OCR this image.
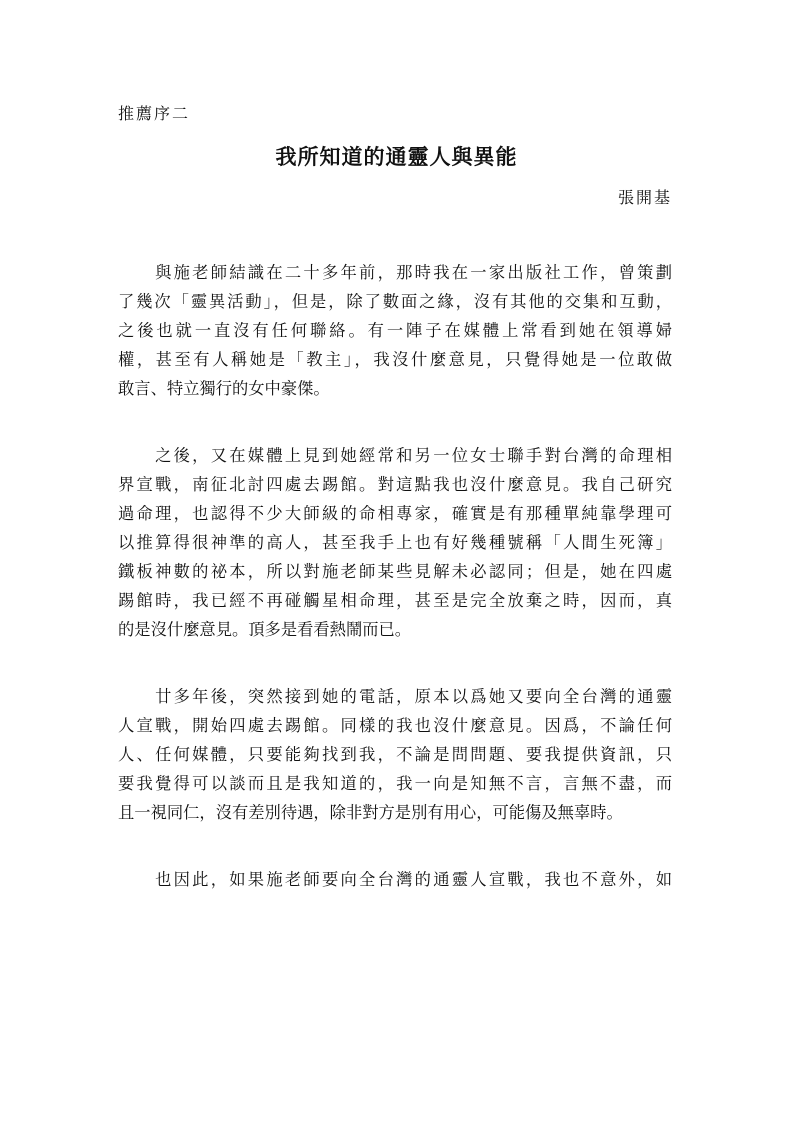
推薦序二
我所知道的通靈人與異能
張開基
　　與施老師結識在二十多年前，那時我在一家出版社工作，曾策劃
了幾次「靈異活動」，但是，除了數面之緣，沒有其他的交集和互動，
之後也就一直沒有任何聯絡。有一陣子在媒體上常看到她在領導婦
權，甚至有人稱她是「教主」，我沒什麼意見，只覺得她是一位敢做
敢言、特立獨行的女中豪傑。
　　之後，又在媒體上見到她經常和另一位女士聯手對台灣的命理相
界宣戰，南征北討四處去踢館。對這點我也沒什麼意見。我自己研究
過命理，也認得不少大師級的命相專家，確實是有那種單純靠學理可
以推算得很神準的高人，甚至我手上也有好幾種號稱「人間生死簿」
鐵板神數的祕本，所以對施老師某些見解未必認同；但是，她在四處
踢館時，我已經不再碰觸星相命理，甚至是完全放棄之時，因而，真
的是沒什麼意見。頂多是看看熱鬧而已。
　　廿多年後，突然接到她的電話，原本以爲她又要向全台灣的通靈
人宣戰，開始四處去踢館。同樣的我也沒什麼意見。因爲，不論任何
人、任何媒體，只要能夠找到我，不論是問問題、要我提供資訊，只
要我覺得可以談而且是我知道的，我一向是知無不言，言無不盡，而
且一視同仁，沒有差別待遇，除非對方是別有用心，可能傷及無辜時。
　　也因此，如果施老師要向全台灣的通靈人宣戰，我也不意外，如
